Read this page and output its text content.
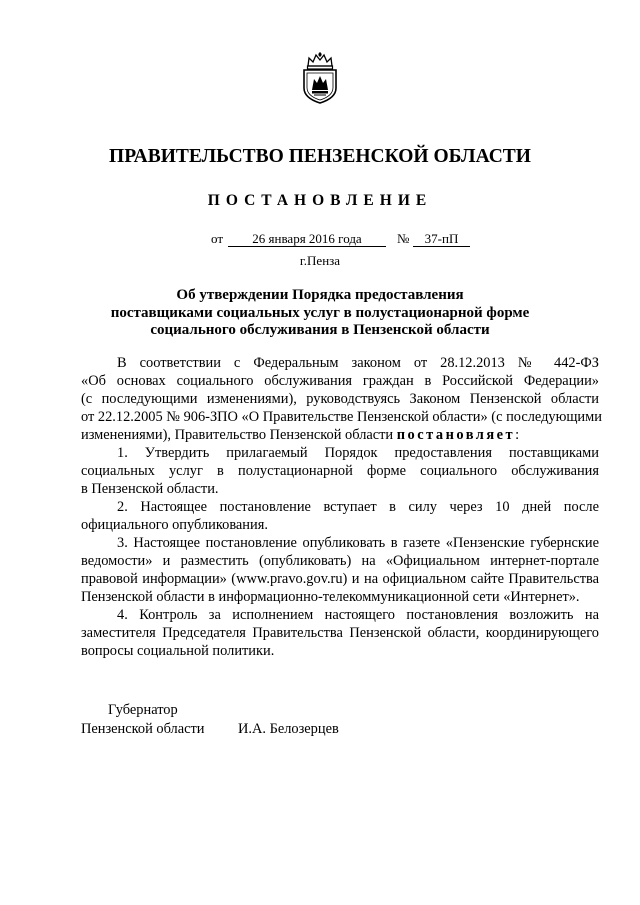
ПРАВИТЕЛЬСТВО ПЕНЗЕНСКОЙ ОБЛАСТИ
ПОСТАНОВЛЕНИЕ
от	26 января 2016 года	№	37-пП
г.Пенза
Об утверждении Порядка предоставления
поставщиками социальных услуг в полустационарной форме
социального обслуживания в Пензенской области
В соответствии с Федеральным законом от 28.12.2013 № 442-ФЗ
«Об основах социального обслуживания граждан в Российской Федерации»
(с последующими изменениями), руководствуясь Законом Пензенской области
от 22.12.2005 № 906-ЗПО «О Правительстве Пензенской области» (с последующими
изменениями), Правительство Пензенской области постановляет:
1. Утвердить прилагаемый Порядок предоставления поставщиками
социальных услуг в полустационарной форме социального обслуживания
в Пензенской области.
2. Настоящее постановление вступает в силу через 10 дней после
официального опубликования.
3. Настоящее постановление опубликовать в газете «Пензенские губернские
ведомости» и разместить (опубликовать) на «Официальном интернет-портале
правовой информации» (www.pravo.gov.ru) и на официальном сайте Правительства
Пензенской области в информационно-телекоммуникационной сети «Интернет».
4. Контроль за исполнением настоящего постановления возложить на
заместителя Председателя Правительства Пензенской области, координирующего
вопросы социальной политики.
Губернатор
Пензенской области И.А. Белозерцев
